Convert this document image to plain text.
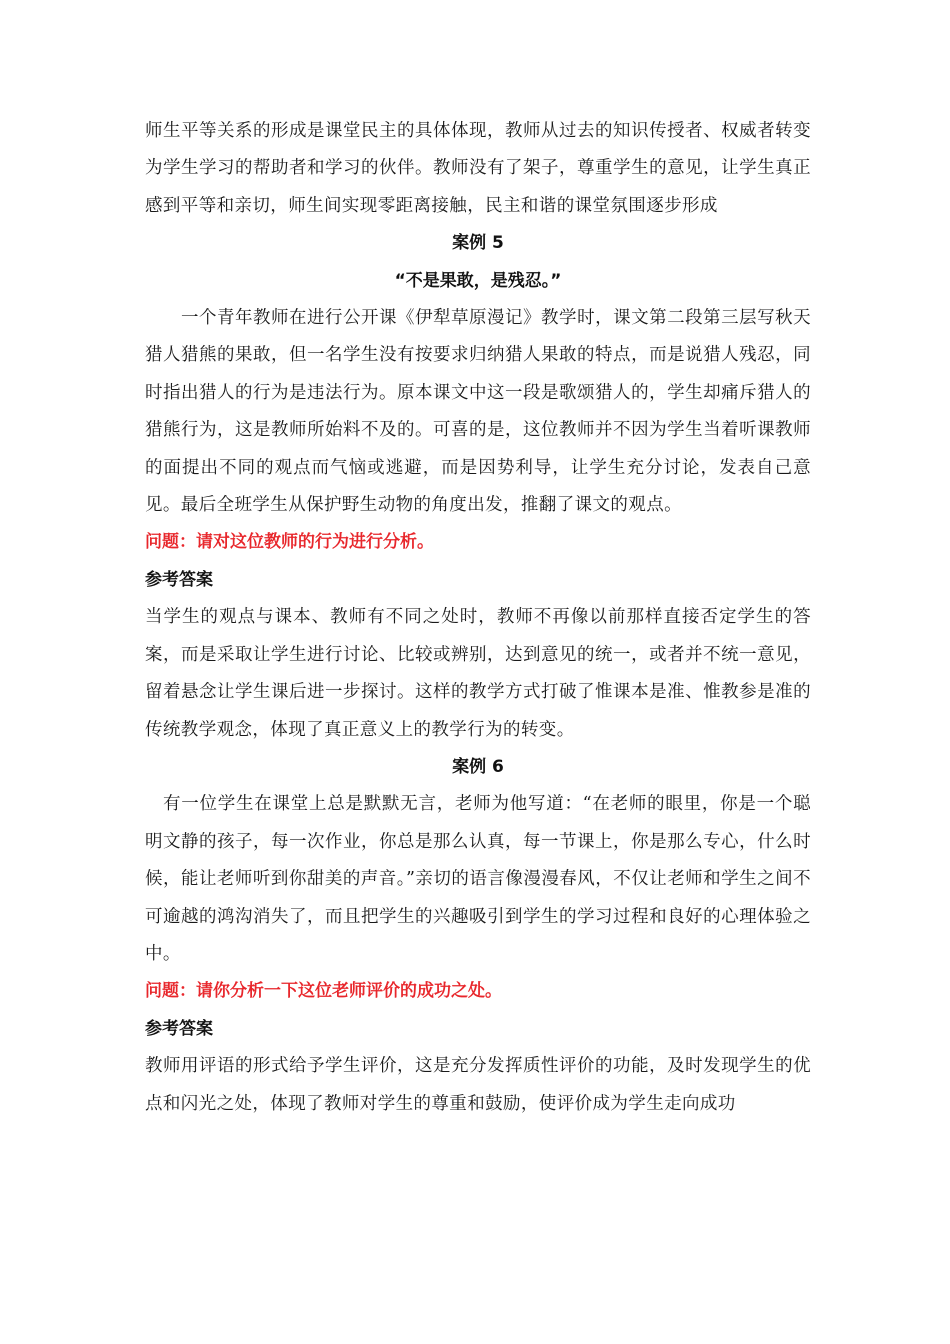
师生平等关系的形成是课堂民主的具体体现，教师从过去的知识传授者、权威者转变为学生学习的帮助者和学习的伙伴。教师没有了架子，尊重学生的意见，让学生真正感到平等和亲切，师生间实现零距离接触，民主和谐的课堂氛围逐步形成

案例 5

“不是果敢，是残忍。”

一个青年教师在进行公开课《伊犁草原漫记》教学时，课文第二段第三层写秋天猎人猎熊的果敢，但一名学生没有按要求归纳猎人果敢的特点，而是说猎人残忍，同时指出猎人的行为是违法行为。原本课文中这一段是歌颂猎人的，学生却痛斥猎人的猎熊行为，这是教师所始料不及的。可喜的是，这位教师并不因为学生当着听课教师的面提出不同的观点而气恼或逃避，而是因势利导，让学生充分讨论，发表自己意见。最后全班学生从保护野生动物的角度出发，推翻了课文的观点。

问题：请对这位教师的行为进行分析。

参考答案

当学生的观点与课本、教师有不同之处时，教师不再像以前那样直接否定学生的答案，而是采取让学生进行讨论、比较或辨别，达到意见的统一，或者并不统一意见，留着悬念让学生课后进一步探讨。这样的教学方式打破了惟课本是准、惟教参是准的传统教学观念，体现了真正意义上的教学行为的转变。

案例 6

有一位学生在课堂上总是默默无言，老师为他写道：“在老师的眼里，你是一个聪明文静的孩子，每一次作业，你总是那么认真，每一节课上，你是那么专心，什么时候，能让老师听到你甜美的声音。”亲切的语言像漫漫春风，不仅让老师和学生之间不可逾越的鸿沟消失了，而且把学生的兴趣吸引到学生的学习过程和良好的心理体验之中。

问题：请你分析一下这位老师评价的成功之处。

参考答案

教师用评语的形式给予学生评价，这是充分发挥质性评价的功能，及时发现学生的优点和闪光之处，体现了教师对学生的尊重和鼓励，使评价成为学生走向成功
